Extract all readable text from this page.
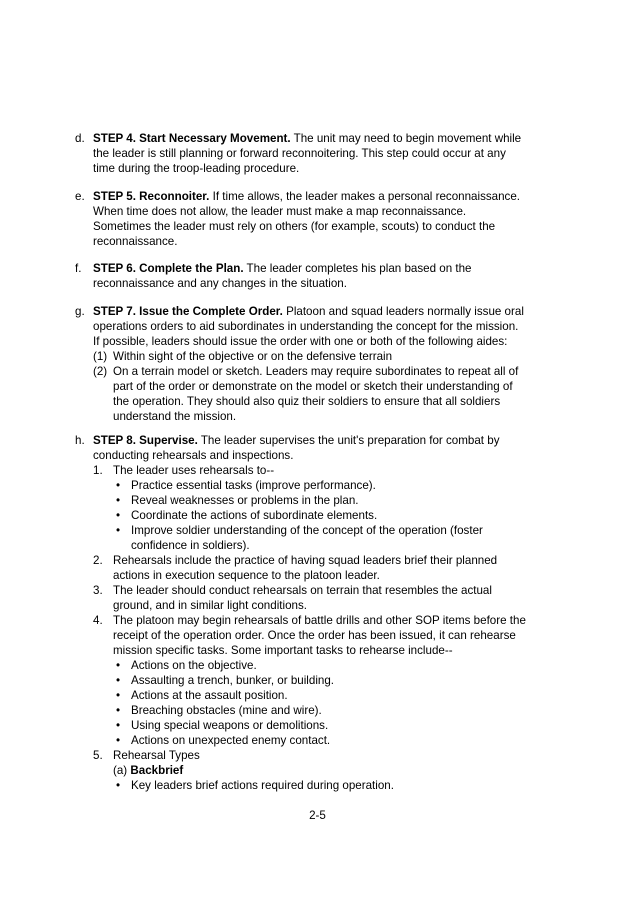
d. STEP 4. Start Necessary Movement. The unit may need to begin movement while
the leader is still planning or forward reconnoitering. This step could occur at any
time during the troop-leading procedure.
e. STEP 5. Reconnoiter. If time allows, the leader makes a personal reconnaissance.
When time does not allow, the leader must make a map reconnaissance.
Sometimes the leader must rely on others (for example, scouts) to conduct the
reconnaissance.
f. STEP 6. Complete the Plan. The leader completes his plan based on the
reconnaissance and any changes in the situation.
g. STEP 7. Issue the Complete Order. Platoon and squad leaders normally issue oral
operations orders to aid subordinates in understanding the concept for the mission.
If possible, leaders should issue the order with one or both of the following aides:
(1) Within sight of the objective or on the defensive terrain
(2) On a terrain model or sketch. Leaders may require subordinates to repeat all of
part of the order or demonstrate on the model or sketch their understanding of
the operation. They should also quiz their soldiers to ensure that all soldiers
understand the mission.
h. STEP 8. Supervise. The leader supervises the unit's preparation for combat by
conducting rehearsals and inspections.
1. The leader uses rehearsals to--
• Practice essential tasks (improve performance).
• Reveal weaknesses or problems in the plan.
• Coordinate the actions of subordinate elements.
• Improve soldier understanding of the concept of the operation (foster
confidence in soldiers).
2. Rehearsals include the practice of having squad leaders brief their planned
actions in execution sequence to the platoon leader.
3. The leader should conduct rehearsals on terrain that resembles the actual
ground, and in similar light conditions.
4. The platoon may begin rehearsals of battle drills and other SOP items before the
receipt of the operation order. Once the order has been issued, it can rehearse
mission specific tasks. Some important tasks to rehearse include--
• Actions on the objective.
• Assaulting a trench, bunker, or building.
• Actions at the assault position.
• Breaching obstacles (mine and wire).
• Using special weapons or demolitions.
• Actions on unexpected enemy contact.
5. Rehearsal Types
(a) Backbrief
• Key leaders brief actions required during operation.
2-5
